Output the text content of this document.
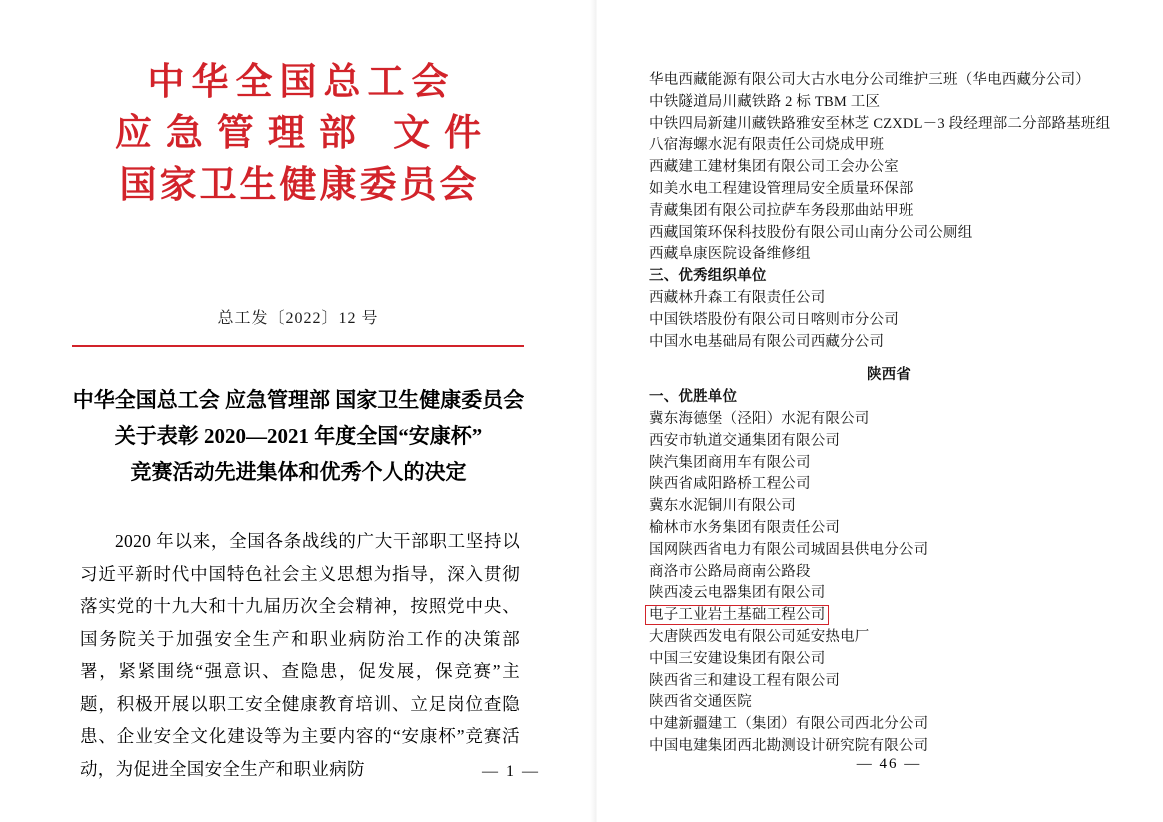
中华全国总工会
应急管理部 文件
国家卫生健康委员会
总工发〔2022〕12 号
中华全国总工会 应急管理部 国家卫生健康委员会
关于表彰 2020—2021 年度全国“安康杯”
竞赛活动先进集体和优秀个人的决定

2020 年以来，全国各条战线的广大干部职工坚持以习近平新时代中国特色社会主义思想为指导，深入贯彻落实党的十九大和十九届历次全会精神，按照党中央、国务院关于加强安全生产和职业病防治工作的决策部署，紧紧围绕“强意识、查隐患，促发展，保竞赛”主题，积极开展以职工安全健康教育培训、立足岗位查隐患、企业安全文化建设等为主要内容的“安康杯”竞赛活动，为促进全国安全生产和职业病防	— 1 —
华电西藏能源有限公司大古水电分公司维护三班（华电西藏分公司）
中铁隧道局川藏铁路 2 标 TBM 工区
中铁四局新建川藏铁路雅安至林芝 CZXDL－3 段经理部二分部路基班组
八宿海螺水泥有限责任公司烧成甲班
西藏建工建材集团有限公司工会办公室
如美水电工程建设管理局安全质量环保部
青藏集团有限公司拉萨车务段那曲站甲班
西藏国策环保科技股份有限公司山南分公司公厕组
西藏阜康医院设备维修组
三、优秀组织单位
西藏林升森工有限责任公司
中国铁塔股份有限公司日喀则市分公司
中国水电基础局有限公司西藏分公司
陕西省
一、优胜单位
冀东海德堡（泾阳）水泥有限公司
西安市轨道交通集团有限公司
陕汽集团商用车有限公司
陕西省咸阳路桥工程公司
冀东水泥铜川有限公司
榆林市水务集团有限责任公司
国网陕西省电力有限公司城固县供电分公司
商洛市公路局商南公路段
陕西凌云电器集团有限公司
电子工业岩土基础工程公司
大唐陕西发电有限公司延安热电厂
中国三安建设集团有限公司
陕西省三和建设工程有限公司
陕西省交通医院
中建新疆建工（集团）有限公司西北分公司
中国电建集团西北勘测设计研究院有限公司
— 46 —
